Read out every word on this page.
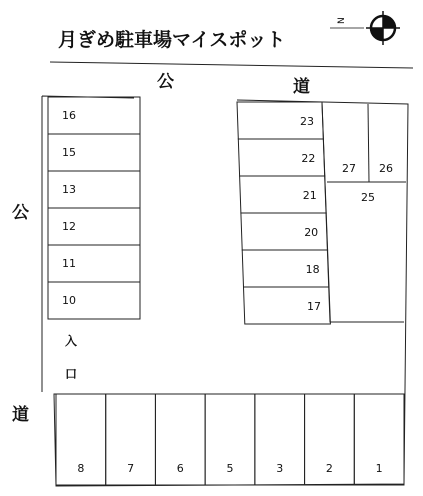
月ぎめ駐車場マイスポット
N
公	道
公
道
入
口
16
15
13
12
11
10
23
22
21
20
18
17
27 26
25
8	7	6	5	3	2	1
